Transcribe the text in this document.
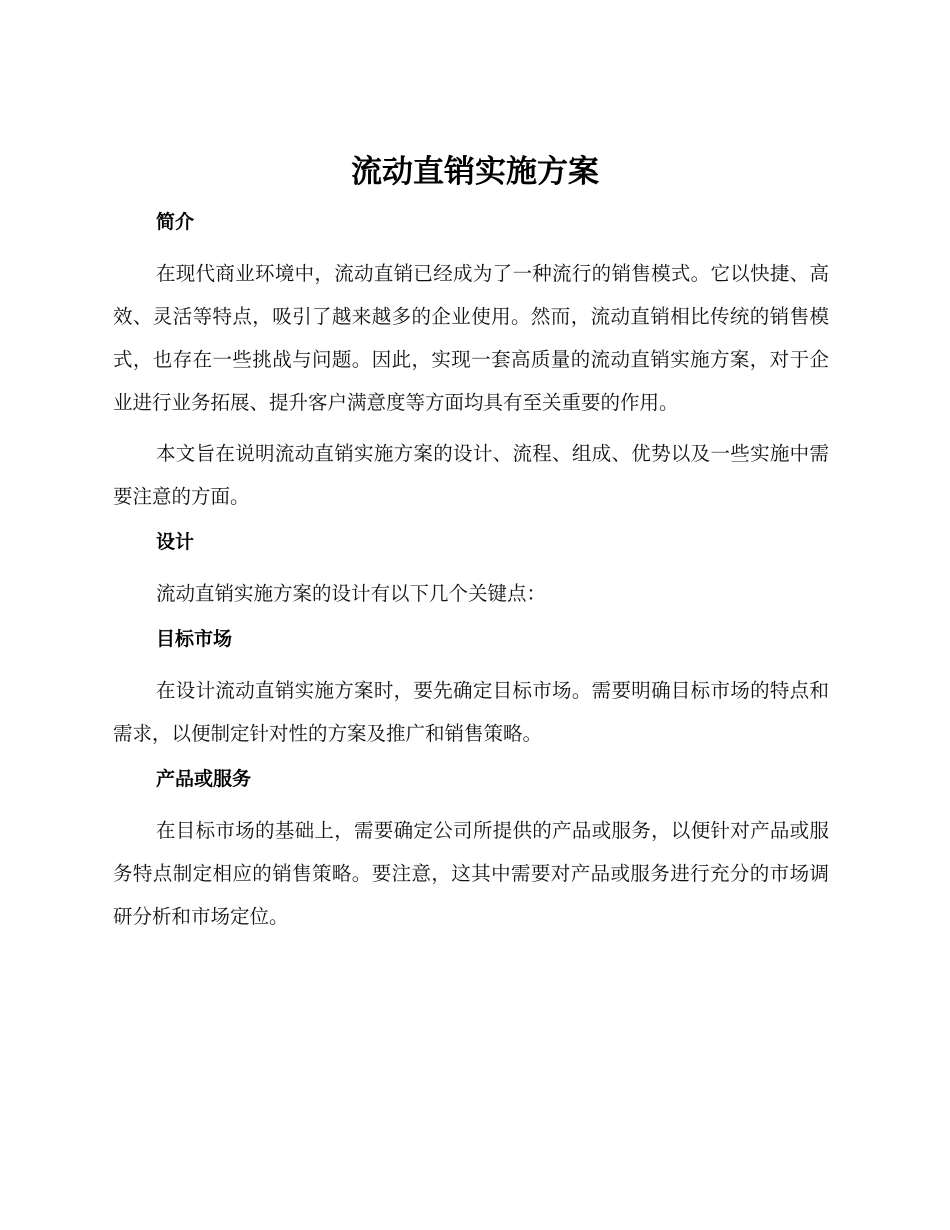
流动直销实施方案
简介

在现代商业环境中，流动直销已经成为了一种流行的销售模式。它以快捷、高效、灵活等特点，吸引了越来越多的企业使用。然而，流动直销相比传统的销售模式，也存在一些挑战与问题。因此，实现一套高质量的流动直销实施方案，对于企业进行业务拓展、提升客户满意度等方面均具有至关重要的作用。

本文旨在说明流动直销实施方案的设计、流程、组成、优势以及一些实施中需要注意的方面。

设计

流动直销实施方案的设计有以下几个关键点：

目标市场

在设计流动直销实施方案时，要先确定目标市场。需要明确目标市场的特点和需求，以便制定针对性的方案及推广和销售策略。

产品或服务

在目标市场的基础上，需要确定公司所提供的产品或服务，以便针对产品或服务特点制定相应的销售策略。要注意，这其中需要对产品或服务进行充分的市场调研分析和市场定位。
